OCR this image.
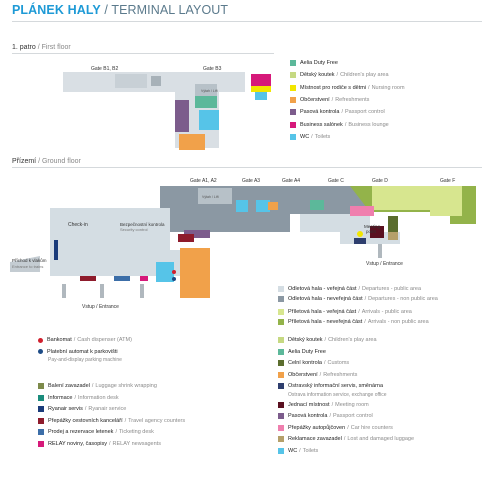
PLÁNEK HALY / TERMINAL LAYOUT
1. patro / First floor
Gate B1, B2	Gate B3
Výtah / Lift
Aelia Duty Free
Dětský koutek / Children's play area
Místnost pro rodiče s dětmi / Nursing room
Občerstvení / Refreshments
Pasová kontrola / Passport control
Business salónek / Business lounge
WC / Toilets
Přízemí / Ground floor
Gate A1, A2	Gate A3	Gate A4	Gate C	Gate D	Gate F
Výtah / Lift
Check-in	Bezpečnostní kontrola
Security control
Meeting
point
Příchod k vlakům
Entrance to trains
Vstup / Entrance
Vstup / Entrance
Odletová hala - veřejná část / Departures - public area
Odletová hala - neveřejná část / Departures - non public area
Příletová hala - veřejná část / Arrivals - public area
Příletová hala - neveřejná část / Arrivals - non public area
Bankomat / Cash dispenser (ATM)
Platební automat k parkovišti
Pay-and-display parking machine
Balení zavazadel / Luggage shrink wrapping
Informace / Information desk
Ryanair servis / Ryanair service
Přepážky cestovních kanceláří / Travel agency counters
Prodej a rezervace letenek / Ticketing desk
RELAY noviny, časopisy / RELAY newsagents
Dětský koutek / Children's play area
Aelia Duty Free
Celní kontrola / Customs
Občerstvení / Refreshments
Ostravský informační servis, směnárna
Ostrava information service, exchange office
Jednací místnost / Meeting room
Pasová kontrola / Passport control
Přepážky autopůjčoven / Car hire counters
Reklamace zavazadel / Lost and damaged luggage
WC / Toilets
